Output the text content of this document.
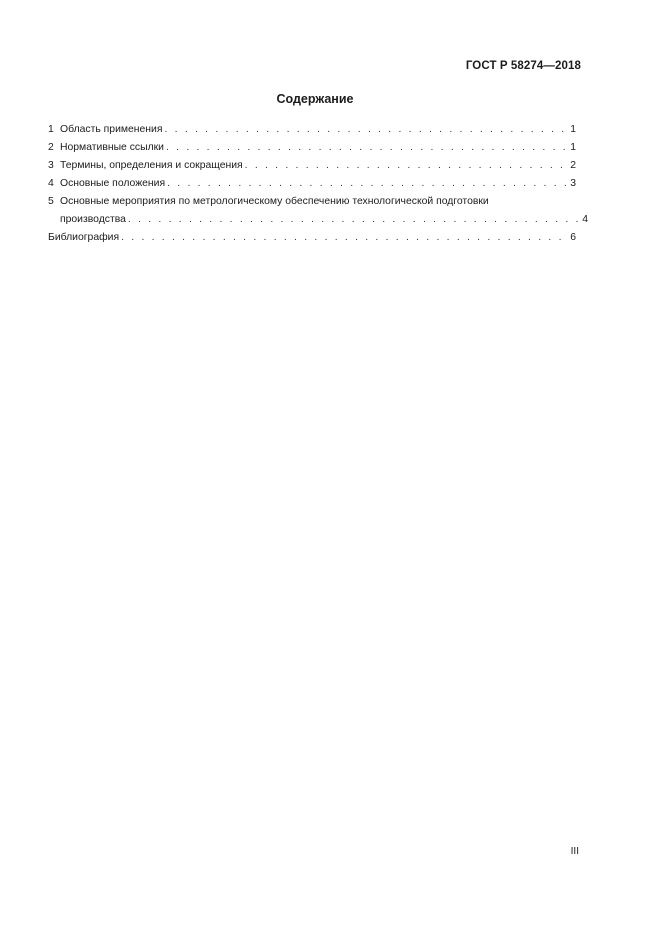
ГОСТ Р 58274—2018
Содержание
1 Область применения . . .	1
2 Нормативные ссылки . . .	1
3 Термины, определения и сокращения . . .	2
4 Основные положения . . .	3
5 Основные мероприятия по метрологическому обеспечению технологической подготовки
производства . . .	4
Библиография . . .	6
III
